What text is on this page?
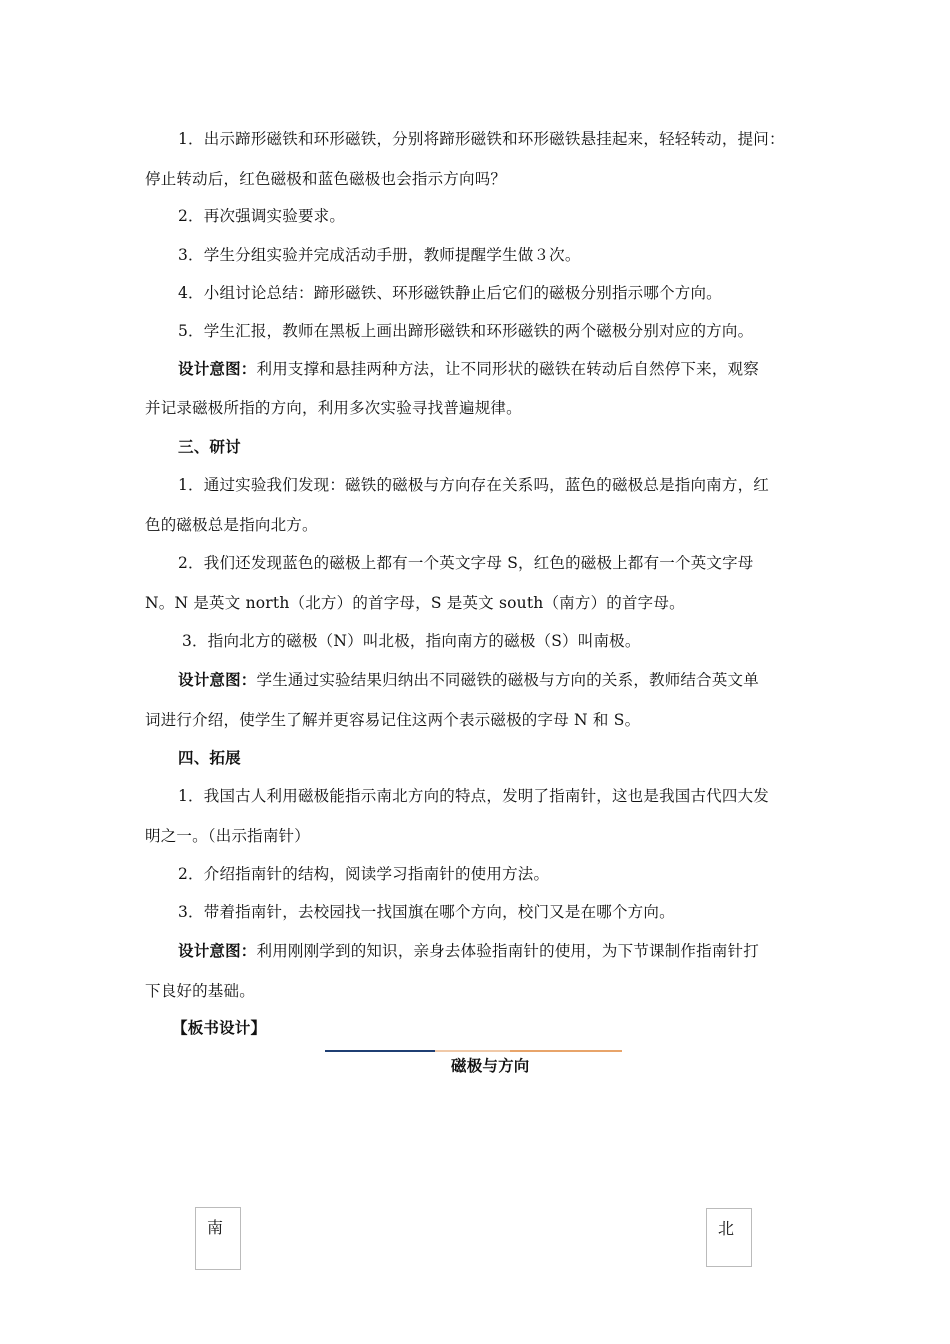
1．出示蹄形磁铁和环形磁铁，分别将蹄形磁铁和环形磁铁悬挂起来，轻轻转动，提问：
停止转动后，红色磁极和蓝色磁极也会指示方向吗？
2．再次强调实验要求。
3．学生分组实验并完成活动手册，教师提醒学生做３次。
4．小组讨论总结：蹄形磁铁、环形磁铁静止后它们的磁极分别指示哪个方向。
5．学生汇报，教师在黑板上画出蹄形磁铁和环形磁铁的两个磁极分别对应的方向。
设计意图：利用支撑和悬挂两种方法，让不同形状的磁铁在转动后自然停下来，观察
并记录磁极所指的方向，利用多次实验寻找普遍规律。
三、研讨
1．通过实验我们发现：磁铁的磁极与方向存在关系吗，蓝色的磁极总是指向南方，红
色的磁极总是指向北方。
2．我们还发现蓝色的磁极上都有一个英文字母 S，红色的磁极上都有一个英文字母
N。N 是英文 north（北方）的首字母，S 是英文 south（南方）的首字母。
3．指向北方的磁极（N）叫北极，指向南方的磁极（S）叫南极。
设计意图：学生通过实验结果归纳出不同磁铁的磁极与方向的关系，教师结合英文单
词进行介绍，使学生了解并更容易记住这两个表示磁极的字母 N 和 S。
四、拓展
1．我国古人利用磁极能指示南北方向的特点，发明了指南针，这也是我国古代四大发
明之一。（出示指南针）
2．介绍指南针的结构，阅读学习指南针的使用方法。
3．带着指南针，去校园找一找国旗在哪个方向，校门又是在哪个方向。
设计意图：利用刚刚学到的知识，亲身去体验指南针的使用，为下节课制作指南针打
下良好的基础。
【板书设计】
磁极与方向
南	北
